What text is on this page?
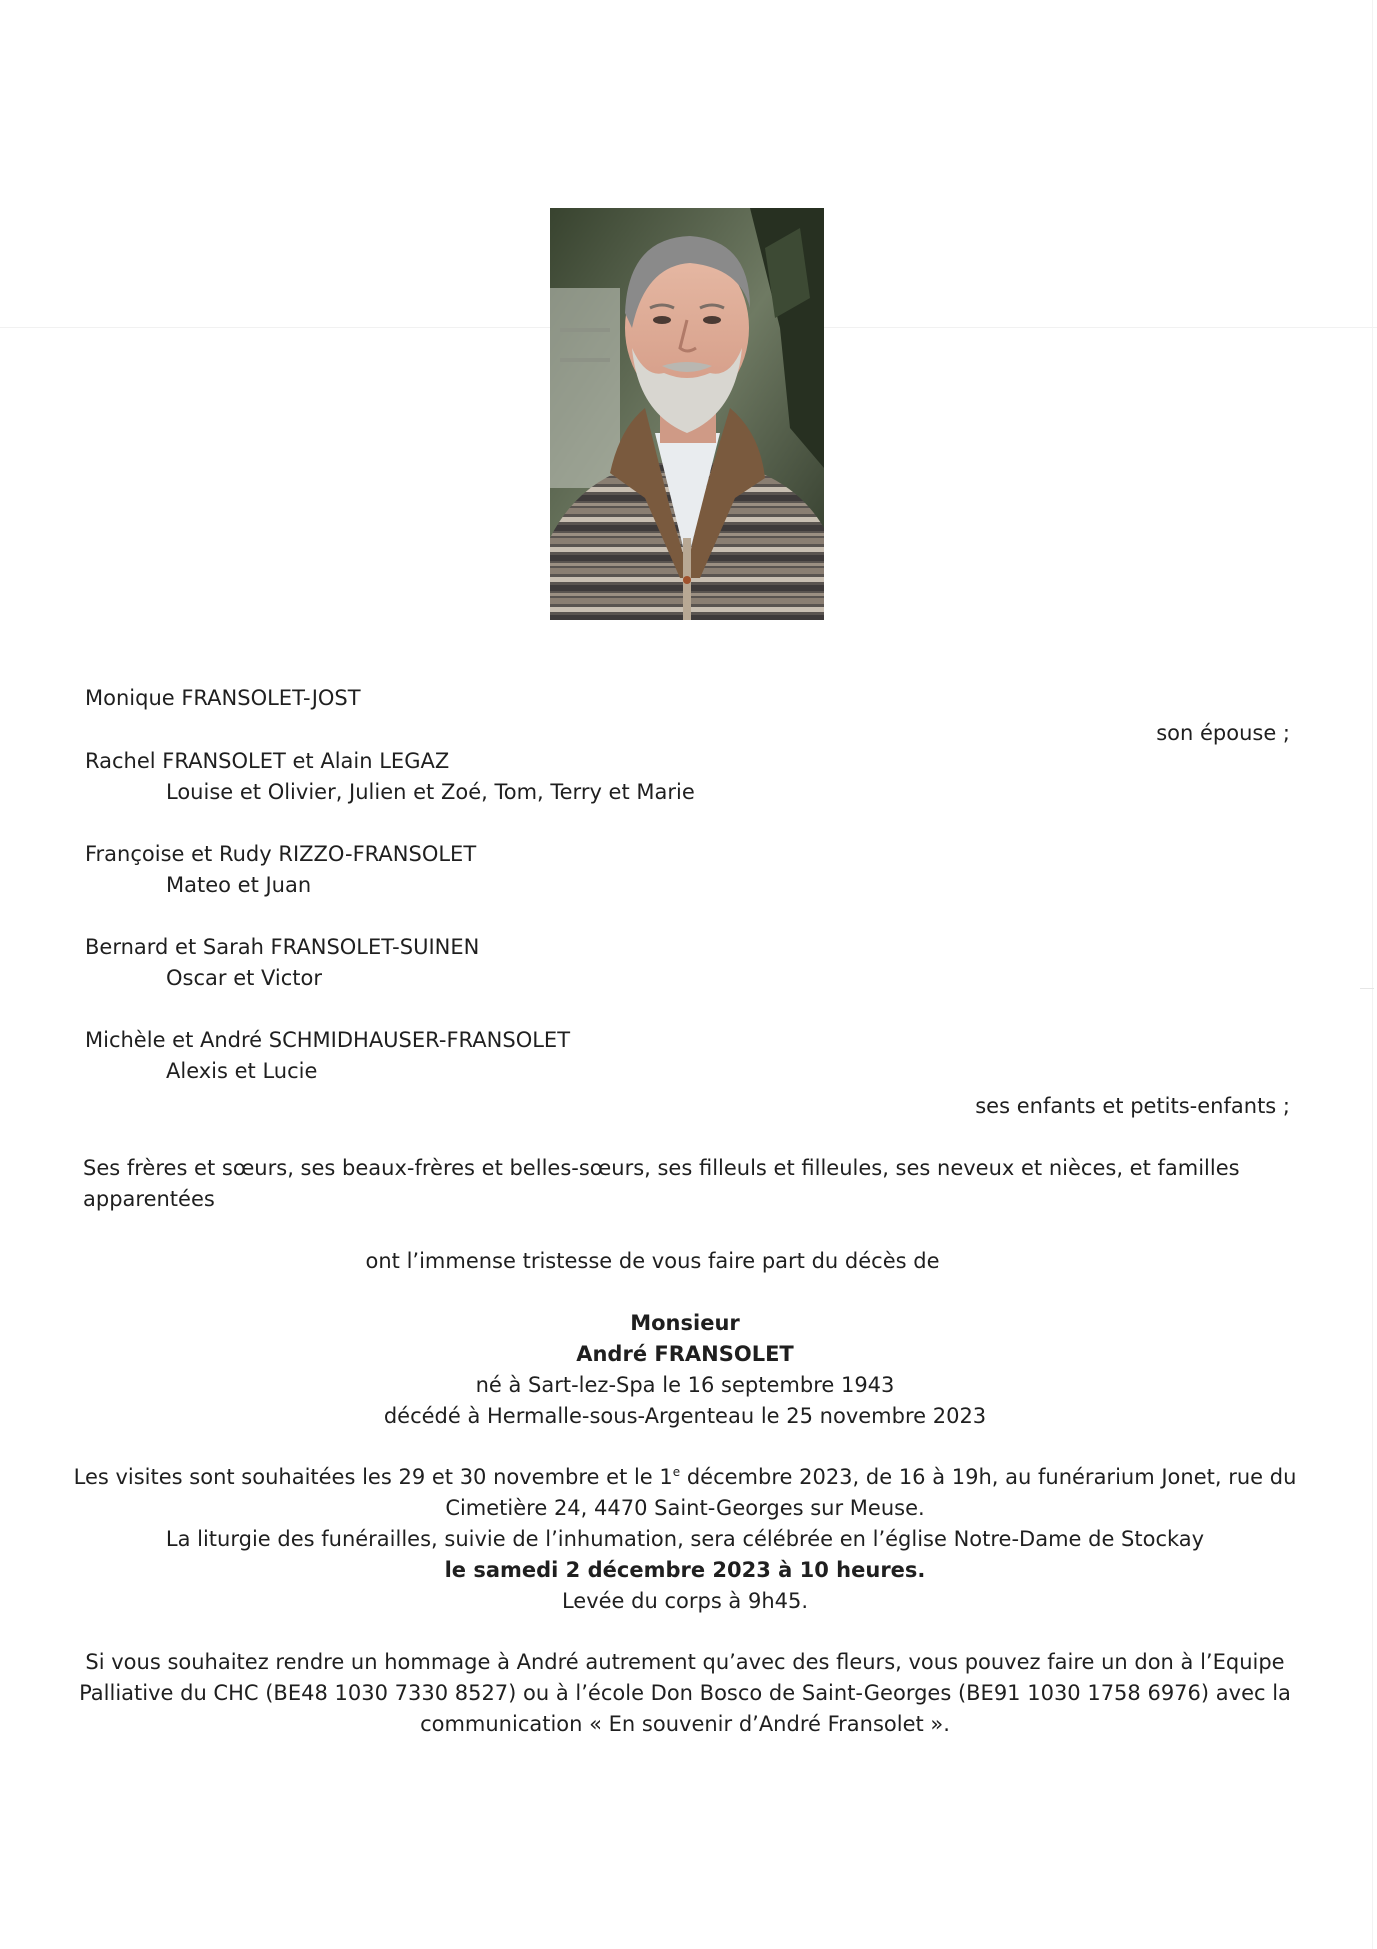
Monique FRANSOLET-JOST
son épouse ;
Rachel FRANSOLET et Alain LEGAZ
Louise et Olivier, Julien et Zoé, Tom, Terry et Marie
Françoise et Rudy RIZZO-FRANSOLET
Mateo et Juan
Bernard et Sarah FRANSOLET-SUINEN
Oscar et Victor
Michèle et André SCHMIDHAUSER-FRANSOLET
Alexis et Lucie
ses enfants et petits-enfants ;
Ses frères et sœurs, ses beaux-frères et belles-sœurs, ses filleuls et filleules, ses neveux et nièces, et familles apparentées
ont l’immense tristesse de vous faire part du décès de
Monsieur
André FRANSOLET
né à Sart-lez-Spa le 16 septembre 1943
décédé à Hermalle-sous-Argenteau le 25 novembre 2023
Les visites sont souhaitées les 29 et 30 novembre et le 1e décembre 2023, de 16 à 19h, au funérarium Jonet, rue du
Cimetière 24, 4470 Saint-Georges sur Meuse.
La liturgie des funérailles, suivie de l’inhumation, sera célébrée en l’église Notre-Dame de Stockay
le samedi 2 décembre 2023 à 10 heures.
Levée du corps à 9h45.
Si vous souhaitez rendre un hommage à André autrement qu’avec des fleurs, vous pouvez faire un don à l’Equipe
Palliative du CHC (BE48 1030 7330 8527) ou à l’école Don Bosco de Saint-Georges (BE91 1030 1758 6976) avec la
communication « En souvenir d’André Fransolet ».
